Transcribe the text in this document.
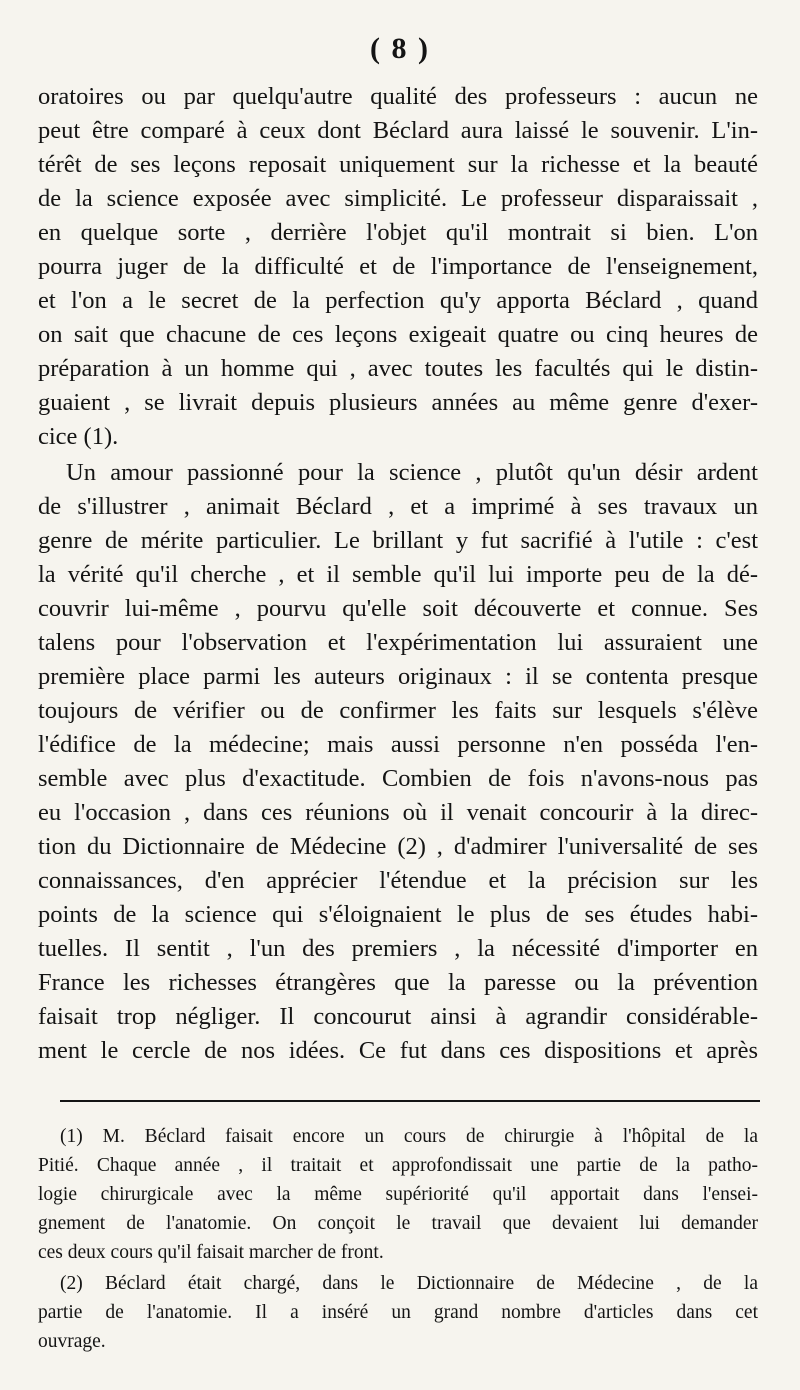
( 8 )
oratoires ou par quelqu'autre qualité des professeurs : aucun ne
peut être comparé à ceux dont Béclard aura laissé le souvenir. L'in-
térêt de ses leçons reposait uniquement sur la richesse et la beauté
de la science exposée avec simplicité. Le professeur disparaissait ,
en quelque sorte , derrière l'objet qu'il montrait si bien. L'on
pourra juger de la difficulté et de l'importance de l'enseignement,
et l'on a le secret de la perfection qu'y apporta Béclard , quand
on sait que chacune de ces leçons exigeait quatre ou cinq heures de
préparation à un homme qui , avec toutes les facultés qui le distin-
guaient , se livrait depuis plusieurs années au même genre d'exer-
cice (1).
Un amour passionné pour la science , plutôt qu'un désir ardent
de s'illustrer , animait Béclard , et a imprimé à ses travaux un
genre de mérite particulier. Le brillant y fut sacrifié à l'utile : c'est
la vérité qu'il cherche , et il semble qu'il lui importe peu de la dé-
couvrir lui-même , pourvu qu'elle soit découverte et connue. Ses
talens pour l'observation et l'expérimentation lui assuraient une
première place parmi les auteurs originaux : il se contenta presque
toujours de vérifier ou de confirmer les faits sur lesquels s'élève
l'édifice de la médecine; mais aussi personne n'en posséda l'en-
semble avec plus d'exactitude. Combien de fois n'avons-nous pas
eu l'occasion , dans ces réunions où il venait concourir à la direc-
tion du Dictionnaire de Médecine (2) , d'admirer l'universalité de ses
connaissances, d'en apprécier l'étendue et la précision sur les
points de la science qui s'éloignaient le plus de ses études habi-
tuelles. Il sentit , l'un des premiers , la nécessité d'importer en
France les richesses étrangères que la paresse ou la prévention
faisait trop négliger. Il concourut ainsi à agrandir considérable-
ment le cercle de nos idées. Ce fut dans ces dispositions et après
(1) M. Béclard faisait encore un cours de chirurgie à l'hôpital de la
Pitié. Chaque année , il traitait et approfondissait une partie de la patho-
logie chirurgicale avec la même supériorité qu'il apportait dans l'ensei-
gnement de l'anatomie. On conçoit le travail que devaient lui demander
ces deux cours qu'il faisait marcher de front.
(2) Béclard était chargé, dans le Dictionnaire de Médecine , de la
partie de l'anatomie. Il a inséré un grand nombre d'articles dans cet
ouvrage.
